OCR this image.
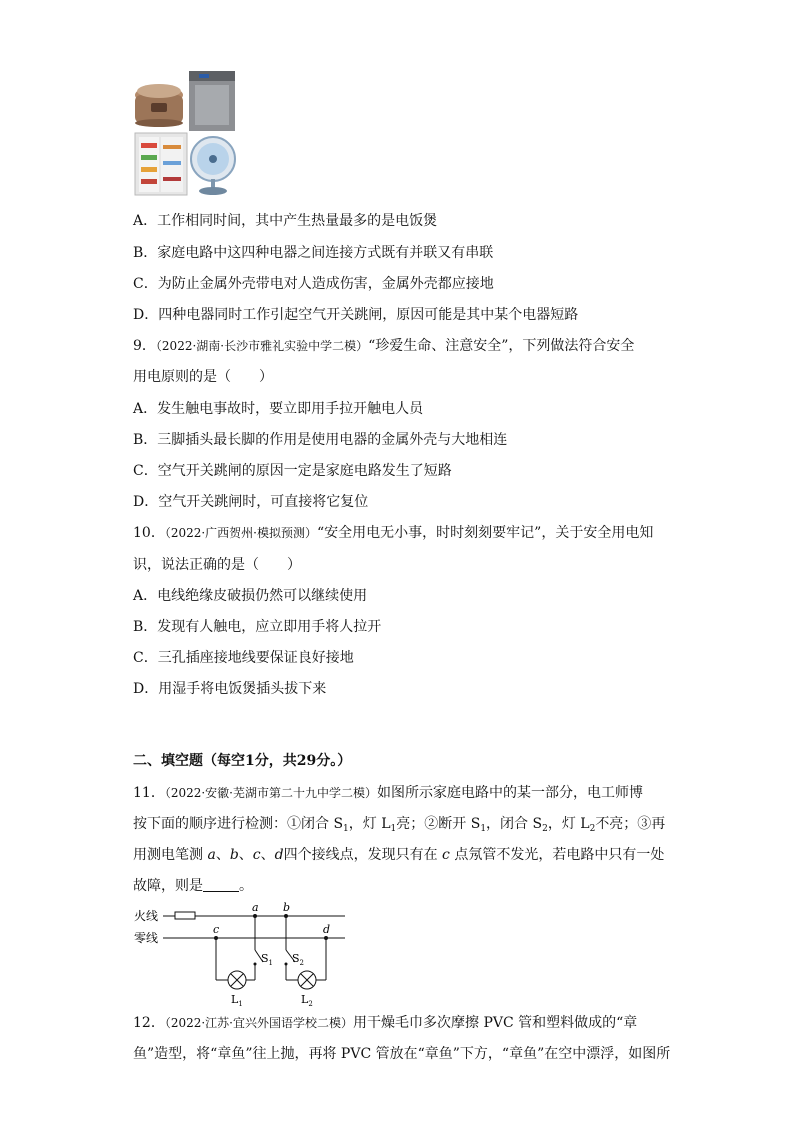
A．工作相同时间，其中产生热量最多的是电饭煲
B．家庭电路中这四种电器之间连接方式既有并联又有串联
C．为防止金属外壳带电对人造成伤害，金属外壳都应接地
D．四种电器同时工作引起空气开关跳闸，原因可能是其中某个电器短路
9．（2022·湖南·长沙市雅礼实验中学二模）“珍爱生命、注意安全”，下列做法符合安全
用电原则的是（　　）
A．发生触电事故时，要立即用手拉开触电人员
B．三脚插头最长脚的作用是使用电器的金属外壳与大地相连
C．空气开关跳闸的原因一定是家庭电路发生了短路
D．空气开关跳闸时，可直接将它复位
10．（2022·广西贺州·模拟预测）“安全用电无小事，时时刻刻要牢记”，关于安全用电知
识，说法正确的是（　　）
A．电线绝缘皮破损仍然可以继续使用
B．发现有人触电，应立即用手将人拉开
C．三孔插座接地线要保证良好接地
D．用湿手将电饭煲插头拔下来
二、填空题（每空1分，共29分。）
11．（2022·安徽·芜湖市第二十九中学二模）如图所示家庭电路中的某一部分，电工师博
按下面的顺序进行检测：①闭合 $S_1$，灯 $L_1$亮；②断开 $S_1$，闭合 $S_2$，灯 $L_2$不亮；③再
用测电笔测 a、b、c、d四个接线点，发现只有在 c 点氖管不发光，若电路中只有一处
故障，则是	。
火线
零线
a b
c	d
$S_1$ $S_2$
$L_1$	$L_2$
12．（2022·江苏·宜兴外国语学校二模）用干燥毛巾多次摩擦 PVC 管和塑料做成的“章
鱼”造型，将“章鱼”往上抛，再将 PVC 管放在“章鱼”下方，“章鱼”在空中漂浮，如图所
